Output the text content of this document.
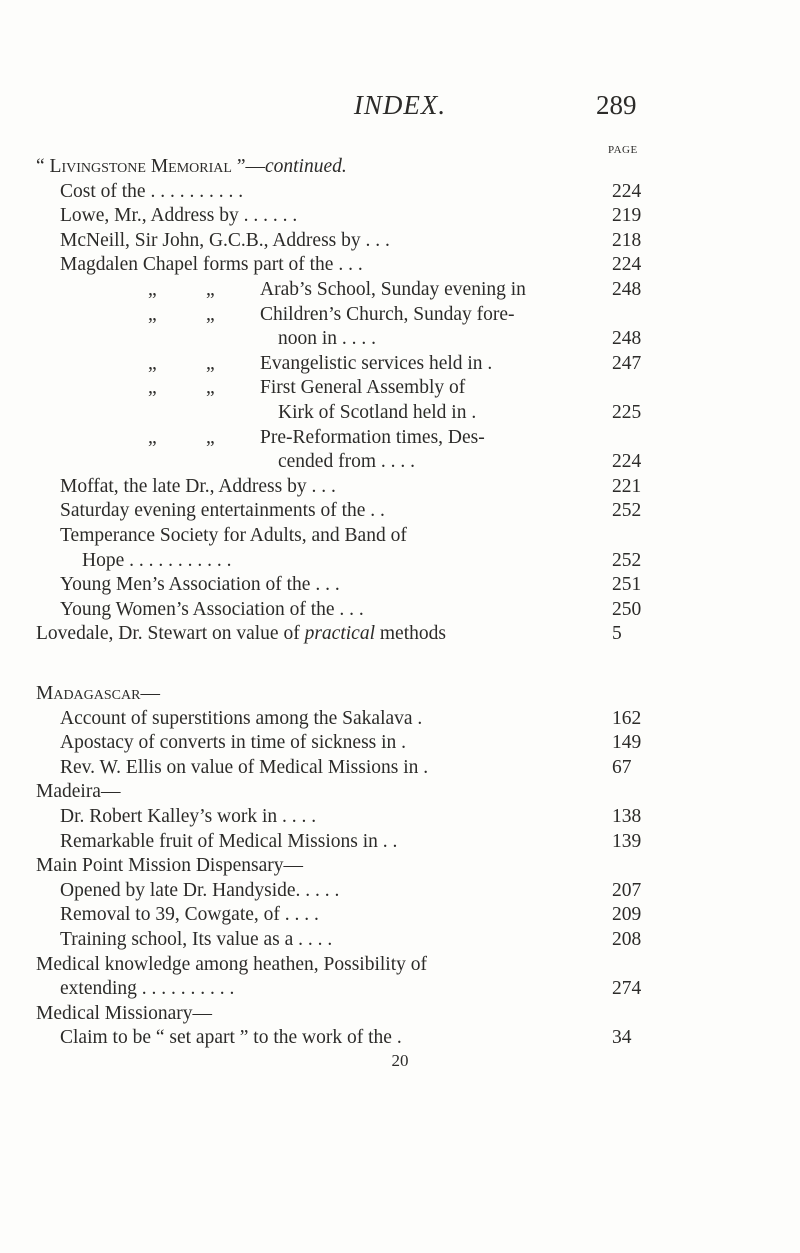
INDEX.	289
PAGE
“ Livingstone Memorial ”—continued.
Cost of the . . . . . . . . . .	224
Lowe, Mr., Address by . . . . . .	219
McNeill, Sir John, G.C.B., Address by . . .	218
Magdalen Chapel forms part of the . . .	224
„	„ Arab’s School, Sunday evening in	248
„	„ Children’s Church, Sunday fore-
noon in . . . .	248
„	„ Evangelistic services held in .	247
„	„ First General Assembly of
Kirk of Scotland held in .	225
„	„ Pre-Reformation times, Des-
cended from . . . .	224
Moffat, the late Dr., Address by . . .	221
Saturday evening entertainments of the . .	252
Temperance Society for Adults, and Band of
Hope . . . . . . . . . . .	252
Young Men’s Association of the . . .	251
Young Women’s Association of the . . .	250
Lovedale, Dr. Stewart on value of practical methods	5
Madagascar—
Account of superstitions among the Sakalava .	162
Apostacy of converts in time of sickness in .	149
Rev. W. Ellis on value of Medical Missions in .	67
Madeira—
Dr. Robert Kalley’s work in . . . .	138
Remarkable fruit of Medical Missions in . .	139
Main Point Mission Dispensary—
Opened by late Dr. Handyside. . . . .	207
Removal to 39, Cowgate, of . . . .	209
Training school, Its value as a . . . .	208
Medical knowledge among heathen, Possibility of
extending . . . . . . . . . .	274
Medical Missionary—
Claim to be “ set apart ” to the work of the .	34
20
